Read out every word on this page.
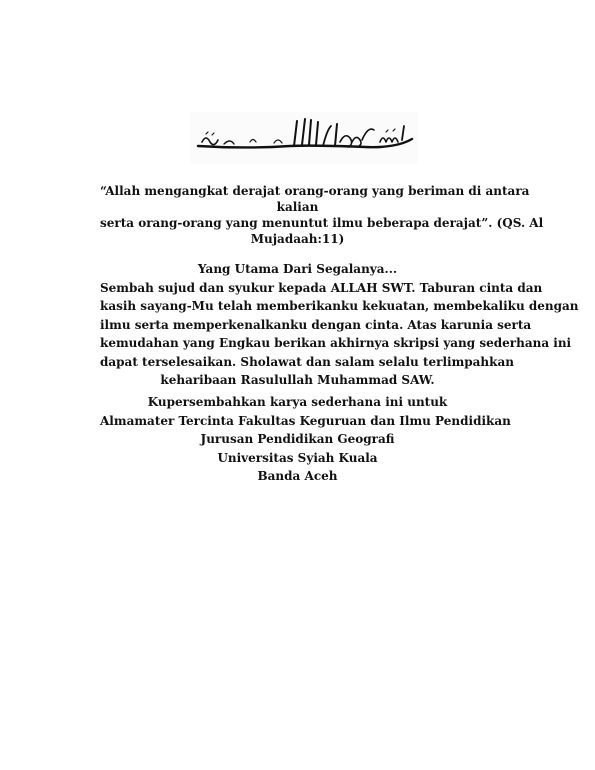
“Allah mengangkat derajat orang-orang yang beriman di antara
kalian
serta orang-orang yang menuntut ilmu beberapa derajat”. (QS. Al
Mujadaah:11)
Yang Utama Dari Segalanya...
Sembah sujud dan syukur kepada ALLAH SWT. Taburan cinta dan
kasih sayang-Mu telah memberikanku kekuatan, membekaliku dengan
ilmu serta memperkenalkanku dengan cinta. Atas karunia serta
kemudahan yang Engkau berikan akhirnya skripsi yang sederhana ini
dapat terselesaikan. Sholawat dan salam selalu terlimpahkan
keharibaan Rasulullah Muhammad SAW.
Kupersembahkan karya sederhana ini untuk
Almamater Tercinta Fakultas Keguruan dan Ilmu Pendidikan
Jurusan Pendidikan Geografi
Universitas Syiah Kuala
Banda Aceh
